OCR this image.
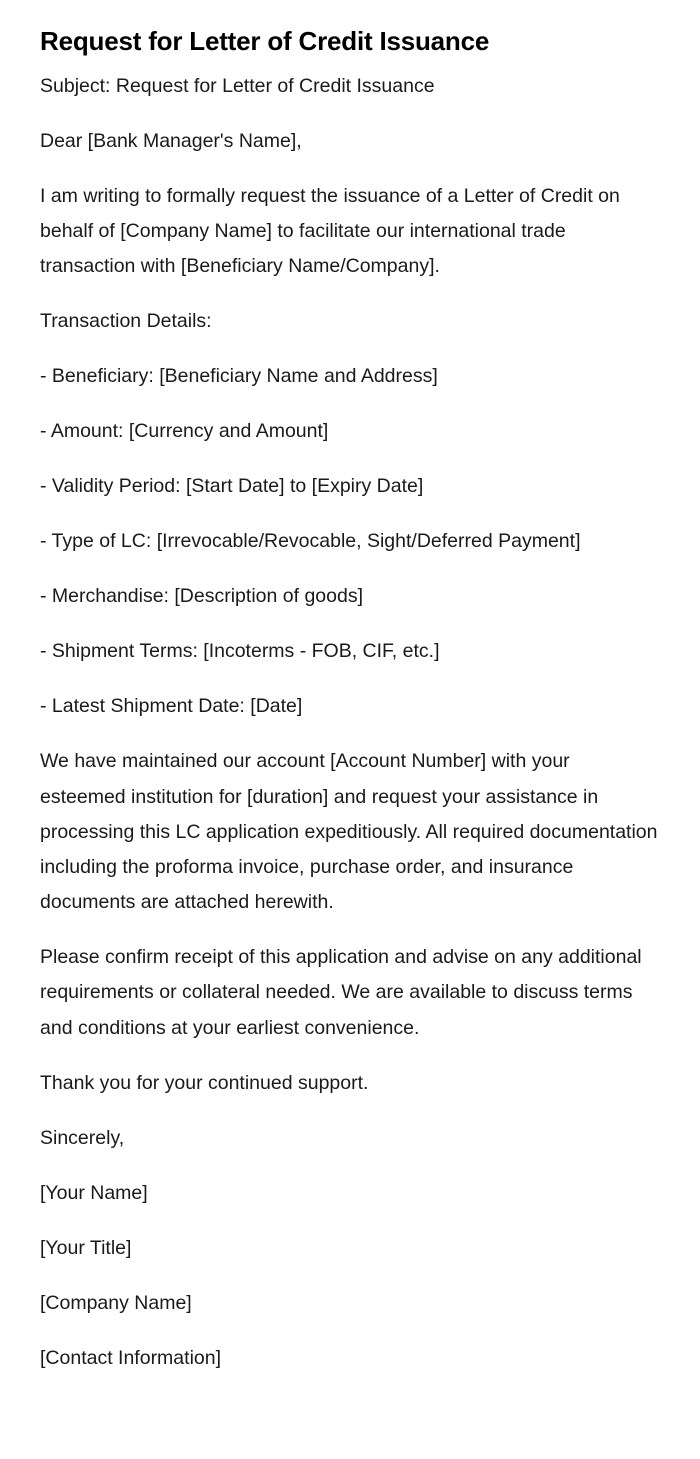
Request for Letter of Credit Issuance

Subject: Request for Letter of Credit Issuance

Dear [Bank Manager's Name],

I am writing to formally request the issuance of a Letter of Credit on behalf of [Company Name] to facilitate our international trade transaction with [Beneficiary Name/Company].

Transaction Details:

- Beneficiary: [Beneficiary Name and Address]

- Amount: [Currency and Amount]

- Validity Period: [Start Date] to [Expiry Date]

- Type of LC: [Irrevocable/Revocable, Sight/Deferred Payment]

- Merchandise: [Description of goods]

- Shipment Terms: [Incoterms - FOB, CIF, etc.]

- Latest Shipment Date: [Date]

We have maintained our account [Account Number] with your esteemed institution for [duration] and request your assistance in processing this LC application expeditiously. All required documentation including the proforma invoice, purchase order, and insurance documents are attached herewith.

Please confirm receipt of this application and advise on any additional requirements or collateral needed. We are available to discuss terms and conditions at your earliest convenience.

Thank you for your continued support.

Sincerely,

[Your Name]

[Your Title]

[Company Name]

[Contact Information]
